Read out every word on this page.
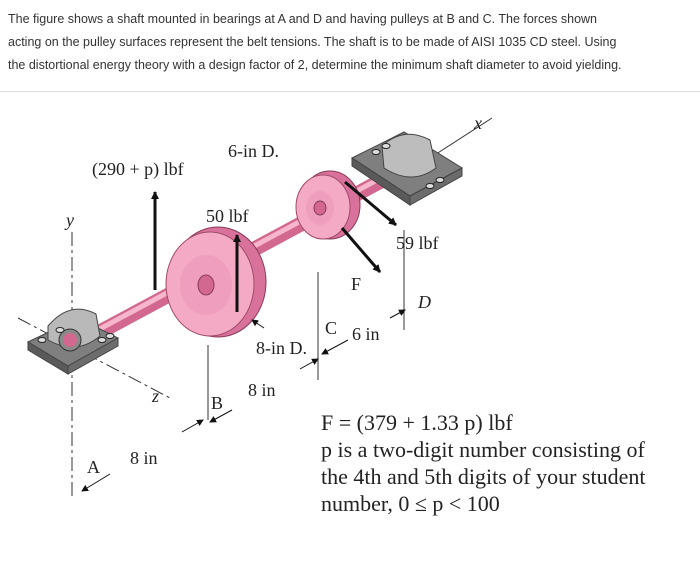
The figure shows a shaft mounted in bearings at A and D and having pulleys at B and C. The forces shown
acting on the pulley surfaces represent the belt tensions. The shaft is to be made of AISI 1035 CD steel. Using
the distortional energy theory with a design factor of 2, determine the minimum shaft diameter to avoid yielding.
x
y
z
(290 + p) lbf
6-in D.
50 lbf
59 lbf
F
A
B
C
D
8 in
8 in
6 in
8-in D.
F = (379 + 1.33 p) lbf
p is a two-digit number consisting of
the 4th and 5th digits of your student
number, 0 ≤ p < 100
